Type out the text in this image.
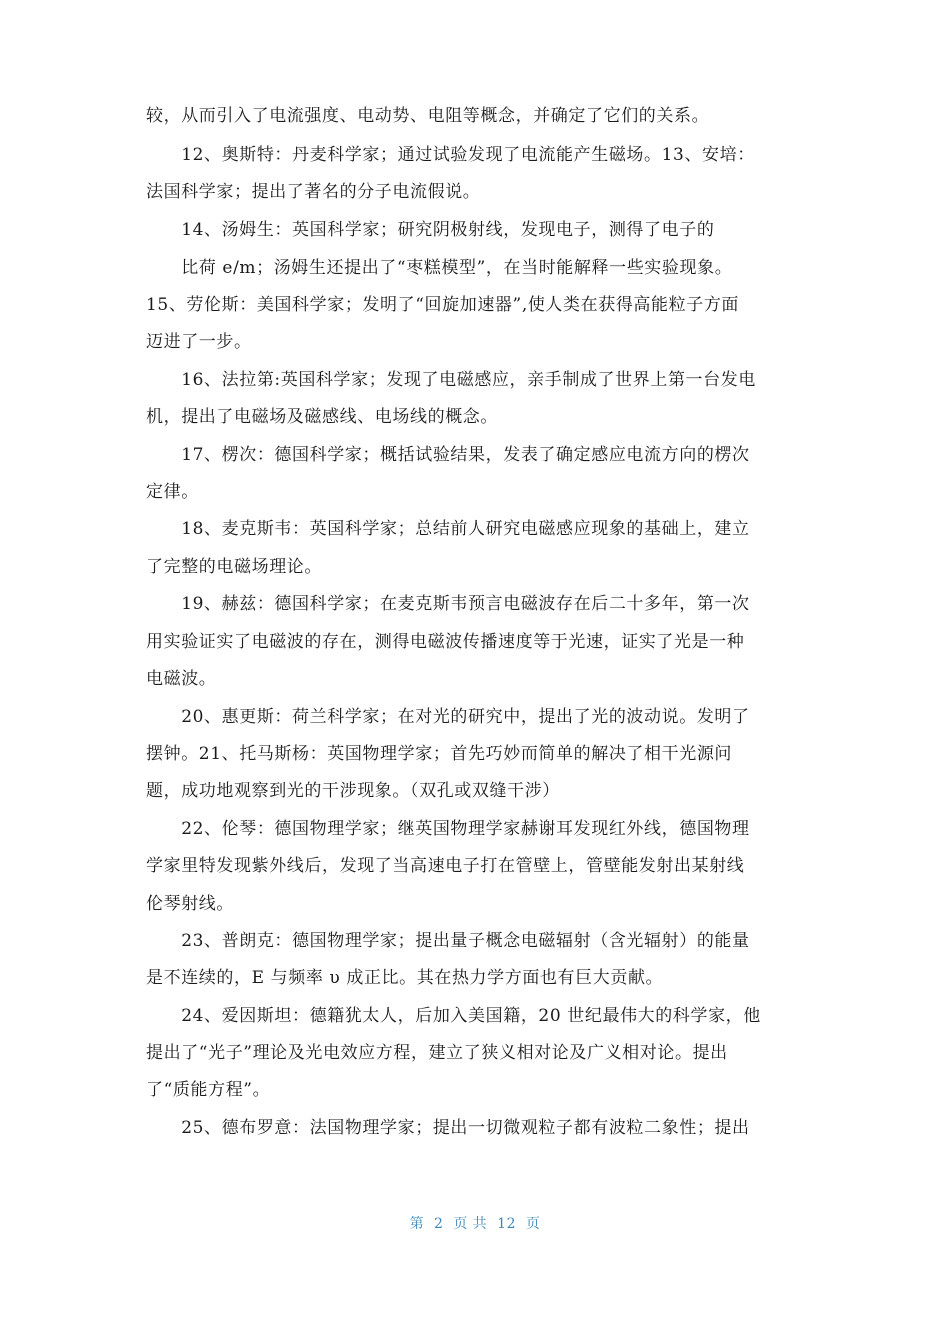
较，从而引入了电流强度、电动势、电阻等概念，并确定了它们的关系。
　　12、奥斯特：丹麦科学家；通过试验发现了电流能产生磁场。13、安培：
法国科学家；提出了著名的分子电流假说。
　　14、汤姆生：英国科学家；研究阴极射线，发现电子，测得了电子的
　　比荷 e/m；汤姆生还提出了“枣糕模型”，在当时能解释一些实验现象。
15、劳伦斯：美国科学家；发明了“回旋加速器”,使人类在获得高能粒子方面
迈进了一步。
　　16、法拉第:英国科学家；发现了电磁感应，亲手制成了世界上第一台发电
机，提出了电磁场及磁感线、电场线的概念。
　　17、楞次：德国科学家；概括试验结果，发表了确定感应电流方向的楞次
定律。
　　18、麦克斯韦：英国科学家；总结前人研究电磁感应现象的基础上，建立
了完整的电磁场理论。
　　19、赫兹：德国科学家；在麦克斯韦预言电磁波存在后二十多年，第一次
用实验证实了电磁波的存在，测得电磁波传播速度等于光速，证实了光是一种
电磁波。
　　20、惠更斯：荷兰科学家；在对光的研究中，提出了光的波动说。发明了
摆钟。21、托马斯杨：英国物理学家；首先巧妙而简单的解决了相干光源问
题，成功地观察到光的干涉现象。（双孔或双缝干涉）
　　22、伦琴：德国物理学家；继英国物理学家赫谢耳发现红外线，德国物理
学家里特发现紫外线后，发现了当高速电子打在管壁上，管壁能发射出某射线
伦琴射线。
　　23、普朗克：德国物理学家；提出量子概念电磁辐射（含光辐射）的能量
是不连续的，E 与频率 υ 成正比。其在热力学方面也有巨大贡献。
　　24、爱因斯坦：德籍犹太人，后加入美国籍，20 世纪最伟大的科学家，他
提出了“光子”理论及光电效应方程，建立了狭义相对论及广义相对论。提出
了“质能方程”。
　　25、德布罗意：法国物理学家；提出一切微观粒子都有波粒二象性；提出
第  2  页 共  12  页
